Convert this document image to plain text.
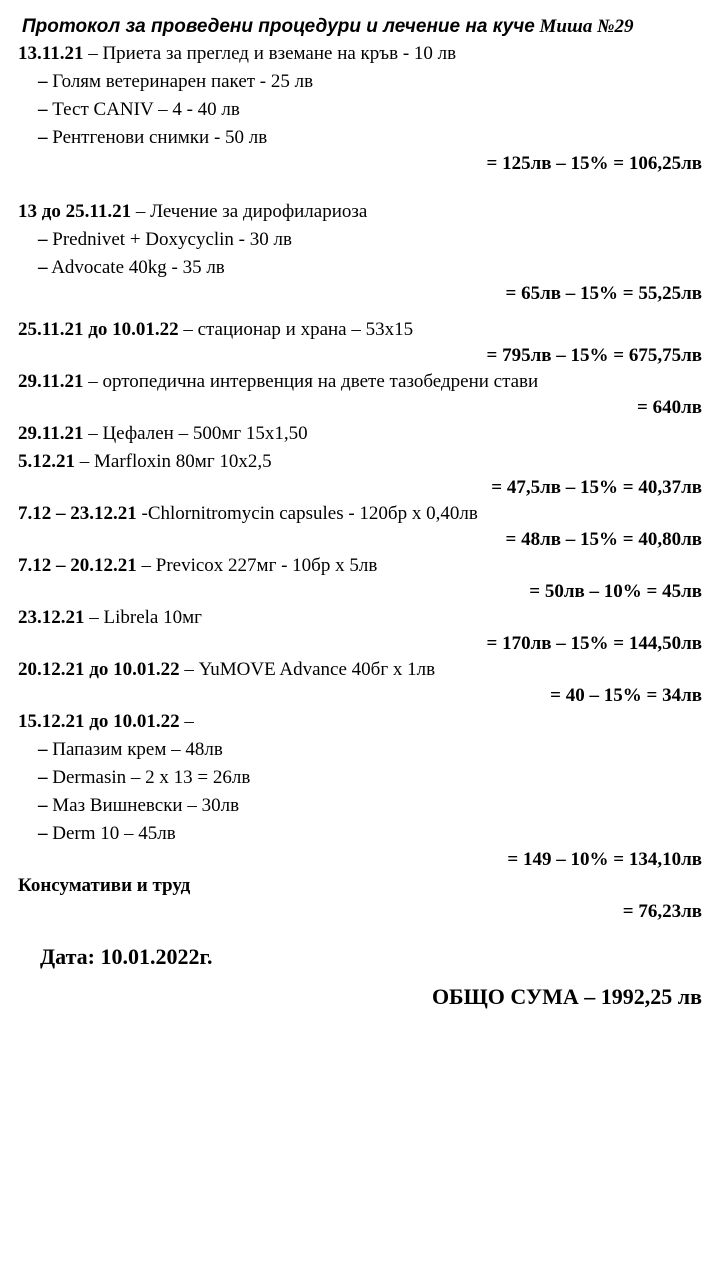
Протокол за проведени процедури и лечение на куче Миша №29
13.11.21 – Приета за преглед и вземане на кръв - 10 лв
– Голям ветеринарен пакет - 25 лв
– Тест CANIV – 4 - 40 лв
– Рентгенови снимки - 50 лв
= 125лв – 15% = 106,25лв
13 до 25.11.21 – Лечение за дирофилариоза
– Prednivet + Doxycyclin - 30 лв
– Advocate 40kg - 35 лв
= 65лв – 15% = 55,25лв
25.11.21 до 10.01.22 – стационар и храна – 53х15
= 795лв – 15% = 675,75лв
29.11.21 – ортопедична интервенция на двете тазобедрени стави
= 640лв
29.11.21 – Цефален – 500мг 15х1,50
5.12.21 – Marfloxin 80мг 10х2,5
= 47,5лв – 15% = 40,37лв
7.12 – 23.12.21 -Chlornitromycin capsules - 120бр х 0,40лв
= 48лв – 15% = 40,80лв
7.12 – 20.12.21 – Previcox 227мг - 10бр х 5лв
= 50лв – 10% = 45лв
23.12.21 – Librela 10мг
= 170лв – 15% = 144,50лв
20.12.21 до 10.01.22 – YuMOVE Advance 40бг х 1лв
= 40 – 15% = 34лв
15.12.21 до 10.01.22 –
– Папазим крем – 48лв
– Dermasin – 2 х 13 = 26лв
– Маз Вишневски – 30лв
– Derm 10 – 45лв
= 149 – 10% = 134,10лв
Консумативи и труд
= 76,23лв
Дата: 10.01.2022г.
ОБЩО СУМА – 1992,25 лв
